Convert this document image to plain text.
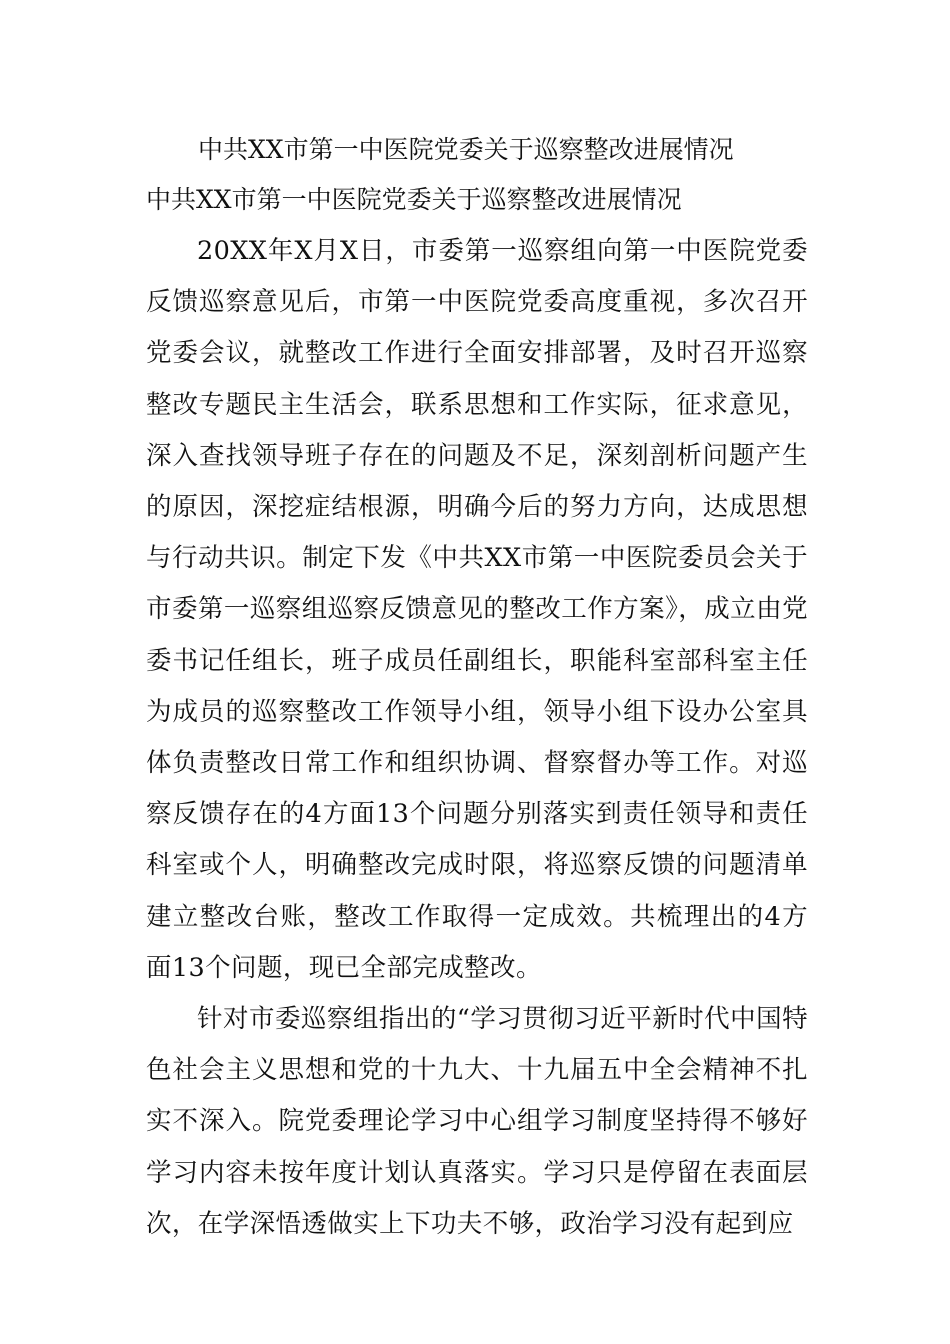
中共XX市第一中医院党委关于巡察整改进展情况
中共XX市第一中医院党委关于巡察整改进展情况

20XX年X月X日，市委第一巡察组向第一中医院党委反馈巡察意见后，市第一中医院党委高度重视，多次召开党委会议，就整改工作进行全面安排部署，及时召开巡察整改专题民主生活会，联系思想和工作实际，征求意见，深入查找领导班子存在的问题及不足，深刻剖析问题产生的原因，深挖症结根源，明确今后的努力方向，达成思想与行动共识。制定下发《中共XX市第一中医院委员会关于市委第一巡察组巡察反馈意见的整改工作方案》，成立由党委书记任组长，班子成员任副组长，职能科室部科室主任为成员的巡察整改工作领导小组，领导小组下设办公室具体负责整改日常工作和组织协调、督察督办等工作。对巡察反馈存在的4方面13个问题分别落实到责任领导和责任科室或个人，明确整改完成时限，将巡察反馈的问题清单建立整改台账，整改工作取得一定成效。共梳理出的4方面13个问题，现已全部完成整改。

针对市委巡察组指出的“学习贯彻习近平新时代中国特色社会主义思想和党的十九大、十九届五中全会精神不扎实不深入。院党委理论学习中心组学习制度坚持得不够好学习内容未按年度计划认真落实。学习只是停留在表面层次，在学深悟透做实上下功夫不够，政治学习没有起到应
